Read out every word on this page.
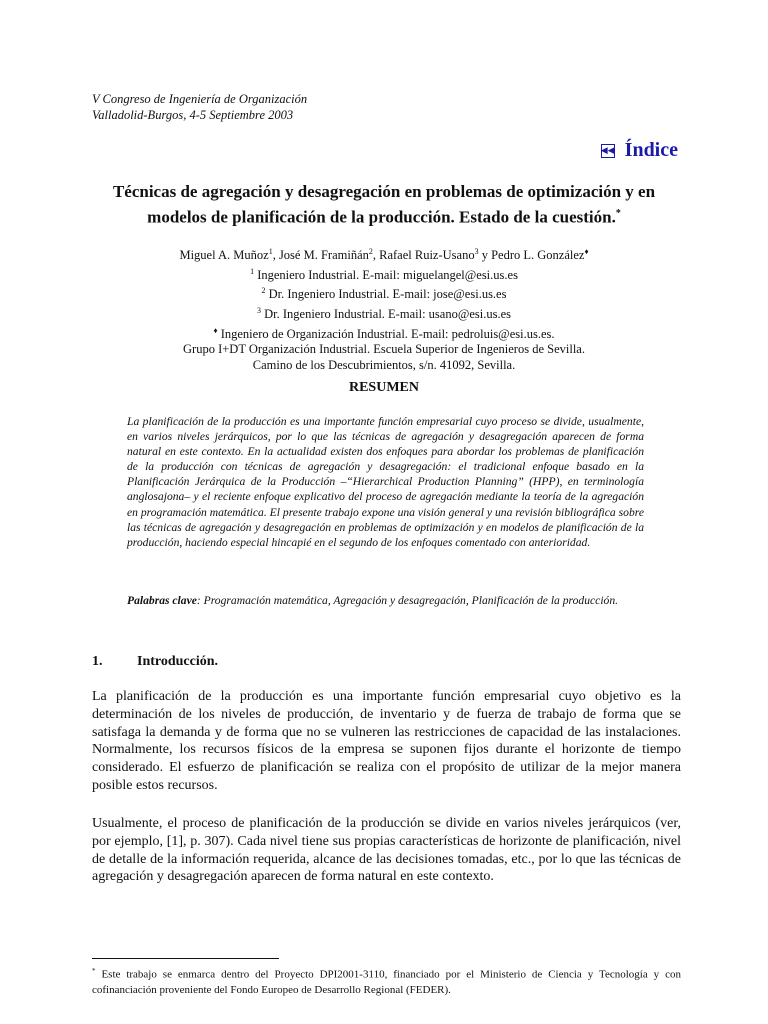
V Congreso de Ingeniería de Organización
Valladolid-Burgos, 4-5 Septiembre 2003
◀◀ Índice
Técnicas de agregación y desagregación en problemas de optimización y en
modelos de planificación de la producción. Estado de la cuestión.*
Miguel A. Muñoz$^1$, José M. Framiñán$^2$, Rafael Ruiz-Usano$^3$ y Pedro L. González♦
$^1$ Ingeniero Industrial. E-mail: miguelangel@esi.us.es
$^2$ Dr. Ingeniero Industrial. E-mail: jose@esi.us.es
$^3$ Dr. Ingeniero Industrial. E-mail: usano@esi.us.es
♦ Ingeniero de Organización Industrial. E-mail: pedroluis@esi.us.es.
Grupo I+DT Organización Industrial. Escuela Superior de Ingenieros de Sevilla.
Camino de los Descubrimientos, s/n. 41092, Sevilla.
RESUMEN
La planificación de la producción es una importante función empresarial cuyo proceso se divide, usualmente, en varios niveles jerárquicos, por lo que las técnicas de agregación y desagregación aparecen de forma natural en este contexto. En la actualidad existen dos enfoques para abordar los problemas de planificación de la producción con técnicas de agregación y desagregación: el tradicional enfoque basado en la Planificación Jerárquica de la Producción –“Hierarchical Production Planning” (HPP), en terminología anglosajona– y el reciente enfoque explicativo del proceso de agregación mediante la teoría de la agregación en programación matemática. El presente trabajo expone una visión general y una revisión bibliográfica sobre las técnicas de agregación y desagregación en problemas de optimización y en modelos de planificación de la producción, haciendo especial hincapié en el segundo de los enfoques comentado con anterioridad.
Palabras clave: Programación matemática, Agregación y desagregación, Planificación de la producción.
1.	Introducción.
La planificación de la producción es una importante función empresarial cuyo objetivo es la determinación de los niveles de producción, de inventario y de fuerza de trabajo de forma que se satisfaga la demanda y de forma que no se vulneren las restricciones de capacidad de las instalaciones. Normalmente, los recursos físicos de la empresa se suponen fijos durante el horizonte de tiempo considerado. El esfuerzo de planificación se realiza con el propósito de utilizar de la mejor manera posible estos recursos.
Usualmente, el proceso de planificación de la producción se divide en varios niveles jerárquicos (ver, por ejemplo, [1], p. 307). Cada nivel tiene sus propias características de horizonte de planificación, nivel de detalle de la información requerida, alcance de las decisiones tomadas, etc., por lo que las técnicas de agregación y desagregación aparecen de forma natural en este contexto.
* Este trabajo se enmarca dentro del Proyecto DPI2001-3110, financiado por el Ministerio de Ciencia y Tecnología y con cofinanciación proveniente del Fondo Europeo de Desarrollo Regional (FEDER).
